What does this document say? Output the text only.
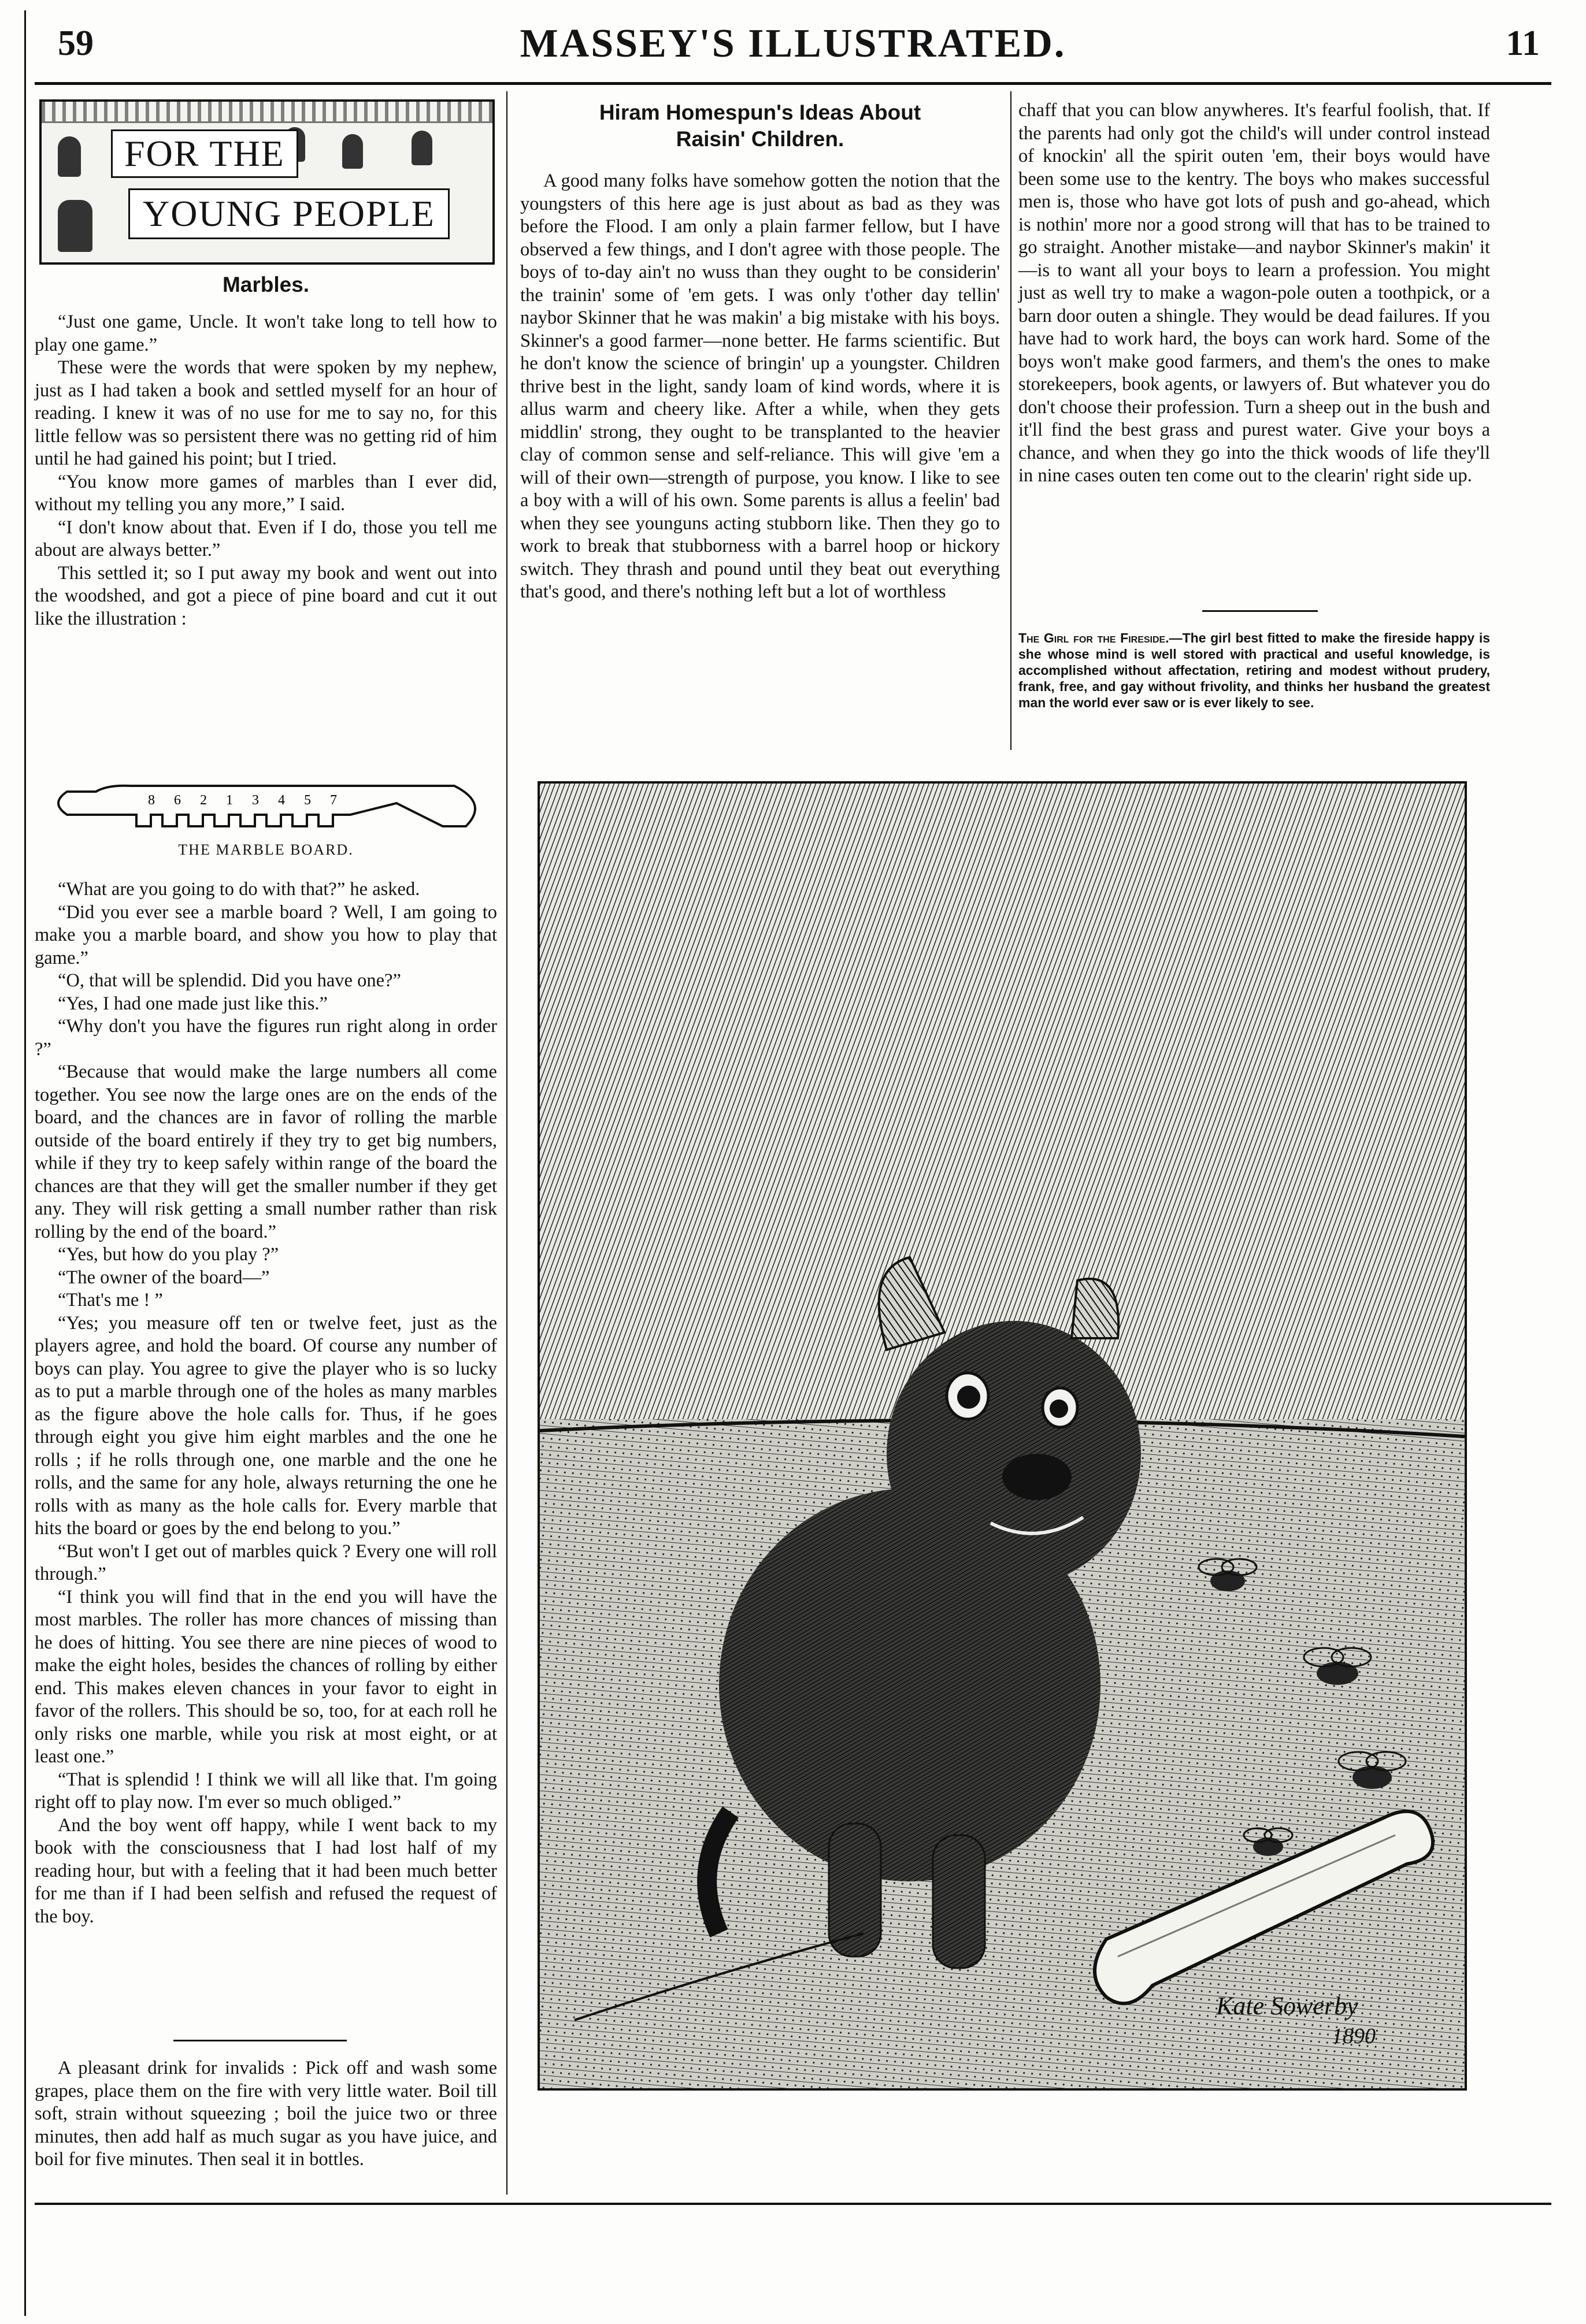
59	MASSEY'S ILLUSTRATED.	11
FOR THE
YOUNG PEOPLE
Marbles.

“Just one game, Uncle. It won't take long to tell how to play one game.”

These were the words that were spoken by my nephew, just as I had taken a book and settled myself for an hour of reading. I knew it was of no use for me to say no, for this little fellow was so persistent there was no getting rid of him until he had gained his point; but I tried.

“You know more games of marbles than I ever did, without my telling you any more,” I said.

“I don't know about that. Even if I do, those you tell me about are always better.”

This settled it; so I put away my book and went out into the woodshed, and got a piece of pine board and cut it out like the illustration :

8 6 2 1 3 4 5 7
THE MARBLE BOARD.

“What are you going to do with that?” he asked.

“Did you ever see a marble board ? Well, I am going to make you a marble board, and show you how to play that game.”

“O, that will be splendid. Did you have one?”

“Yes, I had one made just like this.”

“Why don't you have the figures run right along in order ?”

“Because that would make the large numbers all come together. You see now the large ones are on the ends of the board, and the chances are in favor of rolling the marble outside of the board entirely if they try to get big numbers, while if they try to keep safely within range of the board the chances are that they will get the smaller number if they get any. They will risk getting a small number rather than risk rolling by the end of the board.”

“Yes, but how do you play ?”

“The owner of the board—”

“That's me ! ”

“Yes; you measure off ten or twelve feet, just as the players agree, and hold the board. Of course any number of boys can play. You agree to give the player who is so lucky as to put a marble through one of the holes as many marbles as the figure above the hole calls for. Thus, if he goes through eight you give him eight marbles and the one he rolls ; if he rolls through one, one marble and the one he rolls, and the same for any hole, always returning the one he rolls with as many as the hole calls for. Every marble that hits the board or goes by the end belong to you.”

“But won't I get out of marbles quick ? Every one will roll through.”

“I think you will find that in the end you will have the most marbles. The roller has more chances of missing than he does of hitting. You see there are nine pieces of wood to make the eight holes, besides the chances of rolling by either end. This makes eleven chances in your favor to eight in favor of the rollers. This should be so, too, for at each roll he only risks one marble, while you risk at most eight, or at least one.”

“That is splendid ! I think we will all like that. I'm going right off to play now. I'm ever so much obliged.”

And the boy went off happy, while I went back to my book with the consciousness that I had lost half of my reading hour, but with a feeling that it had been much better for me than if I had been selfish and refused the request of the boy.

A pleasant drink for invalids : Pick off and wash some grapes, place them on the fire with very little water. Boil till soft, strain without squeezing ; boil the juice two or three minutes, then add half as much sugar as you have juice, and boil for five minutes. Then seal it in bottles.

Hiram Homespun's Ideas About
Raisin' Children.

A good many folks have somehow gotten the notion that the youngsters of this here age is just about as bad as they was before the Flood. I am only a plain farmer fellow, but I have observed a few things, and I don't agree with those people. The boys of to-day ain't no wuss than they ought to be considerin' the trainin' some of 'em gets. I was only t'other day tellin' naybor Skinner that he was makin' a big mistake with his boys. Skinner's a good farmer—none better. He farms scientific. But he don't know the science of bringin' up a youngster. Children thrive best in the light, sandy loam of kind words, where it is allus warm and cheery like. After a while, when they gets middlin' strong, they ought to be transplanted to the heavier clay of common sense and self-reliance. This will give 'em a will of their own—strength of purpose, you know. I like to see a boy with a will of his own. Some parents is allus a feelin' bad when they see younguns acting stubborn like. Then they go to work to break that stubborness with a barrel hoop or hickory switch. They thrash and pound until they beat out everything that's good, and there's nothing left but a lot of worthless

chaff that you can blow anywheres. It's fearful foolish, that. If the parents had only got the child's will under control instead of knockin' all the spirit outen 'em, their boys would have been some use to the kentry. The boys who makes successful men is, those who have got lots of push and go-ahead, which is nothin' more nor a good strong will that has to be trained to go straight. Another mistake—and naybor Skinner's makin' it—is to want all your boys to learn a profession. You might just as well try to make a wagon-pole outen a toothpick, or a barn door outen a shingle. They would be dead failures. If you have had to work hard, the boys can work hard. Some of the boys won't make good farmers, and them's the ones to make storekeepers, book agents, or lawyers of. But whatever you do don't choose their profession. Turn a sheep out in the bush and it'll find the best grass and purest water. Give your boys a chance, and when they go into the thick woods of life they'll in nine cases outen ten come out to the clearin' right side up.

The Girl for the Fireside.—The girl best fitted to make the fireside happy is she whose mind is well stored with practical and useful knowledge, is accomplished without affectation, retiring and modest without prudery, frank, free, and gay without frivolity, and thinks her husband the greatest man the world ever saw or is ever likely to see.
Kate Sowerby
1890
